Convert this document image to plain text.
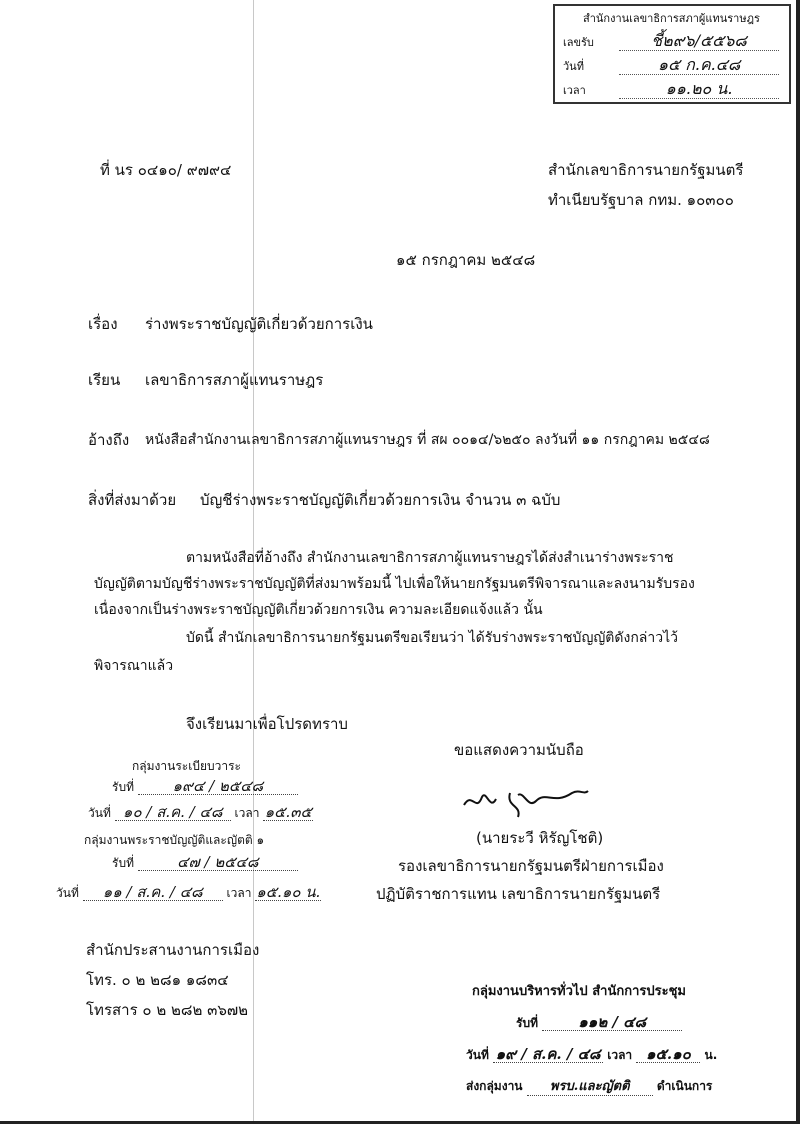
สำนักงานเลขาธิการสภาผู้แทนราษฎร
เลขรับ	ชี้๒๙๖/๕๕๖๘
วันที่	๑๕ ก.ค.๔๘
เวลา	๑๑.๒๐ น.
ที่ นร ๐๔๑๐/ ๙๗๙๔	สำนักเลขาธิการนายกรัฐมนตรี
ทำเนียบรัฐบาล กทม. ๑๐๓๐๐
๑๕ กรกฎาคม ๒๕๔๘
เรื่อง ร่างพระราชบัญญัติเกี่ยวด้วยการเงิน
เรียน เลขาธิการสภาผู้แทนราษฎร
อ้างถึง หนังสือสำนักงานเลขาธิการสภาผู้แทนราษฎร ที่ สผ ๐๐๑๔/๖๒๕๐ ลงวันที่ ๑๑ กรกฎาคม ๒๕๔๘
สิ่งที่ส่งมาด้วย บัญชีร่างพระราชบัญญัติเกี่ยวด้วยการเงิน จำนวน ๓ ฉบับ
ตามหนังสือที่อ้างถึง สำนักงานเลขาธิการสภาผู้แทนราษฎรได้ส่งสำเนาร่างพระราช
บัญญัติตามบัญชีร่างพระราชบัญญัติที่ส่งมาพร้อมนี้ ไปเพื่อให้นายกรัฐมนตรีพิจารณาและลงนามรับรอง
เนื่องจากเป็นร่างพระราชบัญญัติเกี่ยวด้วยการเงิน ความละเอียดแจ้งแล้ว นั้น
บัดนี้ สำนักเลขาธิการนายกรัฐมนตรีขอเรียนว่า ได้รับร่างพระราชบัญญัติดังกล่าวไว้
พิจารณาแล้ว
จึงเรียนมาเพื่อโปรดทราบ
ขอแสดงความนับถือ
(นายระวี หิรัญโชติ)
รองเลขาธิการนายกรัฐมนตรีฝ่ายการเมือง
ปฏิบัติราชการแทน เลขาธิการนายกรัฐมนตรี
กลุ่มงานระเบียบวาระ
รับที่	๑๙๔ / ๒๕๔๘
วันที่ ๑๐ / ส.ค. / ๔๘ เวลา ๑๕.๓๕
กลุ่มงานพระราชบัญญัติและญัตติ ๑
รับที่	๔๗ / ๒๕๔๘
วันที่ ๑๑ / ส.ค. / ๔๘ เวลา ๑๕.๑๐ น.
สำนักประสานงานการเมือง
โทร. ๐ ๒ ๒๘๑ ๑๘๓๔
โทรสาร ๐ ๒ ๒๘๒ ๓๖๗๒
กลุ่มงานบริหารทั่วไป สำนักการประชุม
รับที่	๑๑๒ / ๔๘
วันที่ ๑๙ / ส.ค. / ๔๘ เวลา ๑๕.๑๐ น.
ส่งกลุ่มงาน พรบ.และญัตติ ดำเนินการ
